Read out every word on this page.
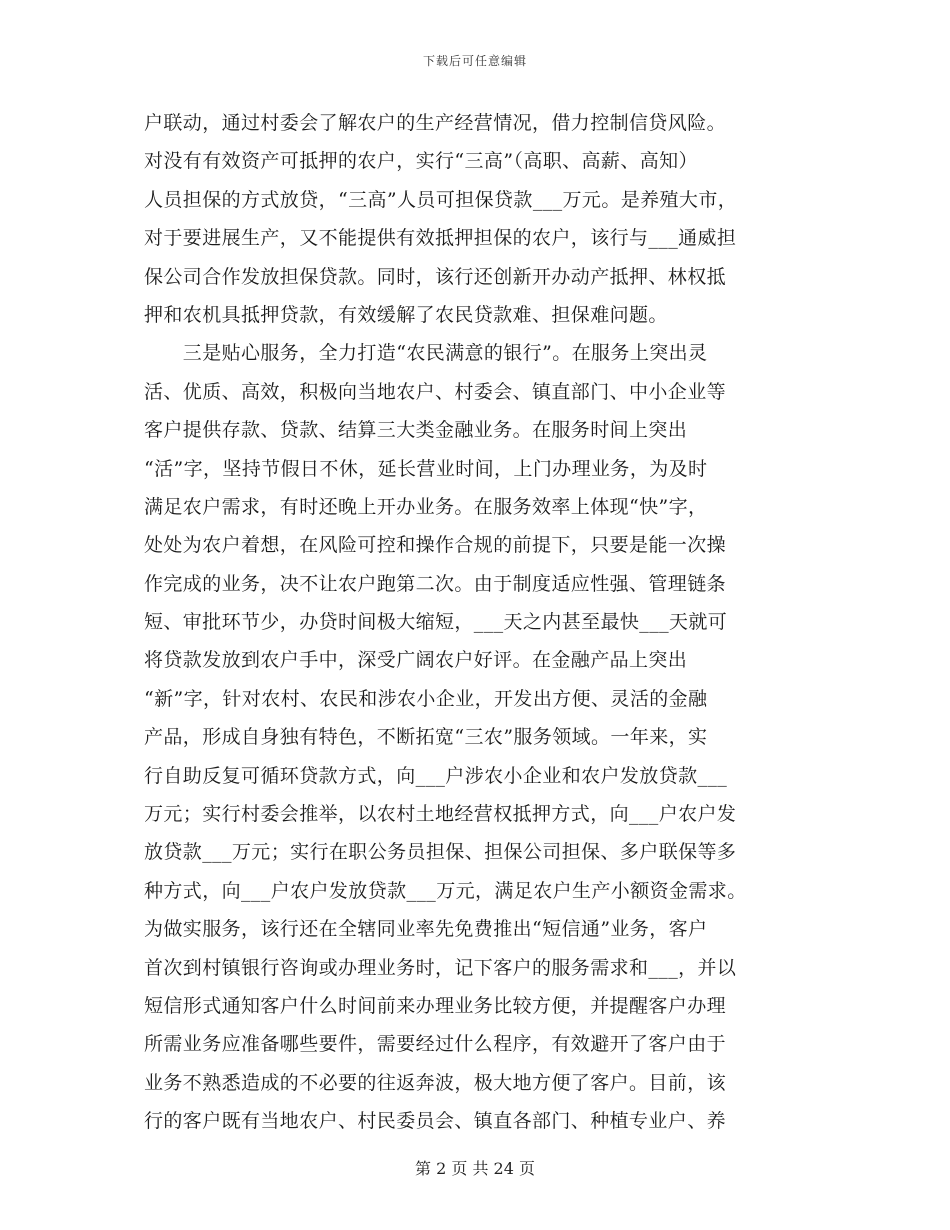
下载后可任意编辑
户联动，通过村委会了解农户的生产经营情况，借力控制信贷风险。
对没有有效资产可抵押的农户，实行“三高”（高职、高薪、高知）
人员担保的方式放贷，“三高”人员可担保贷款___万元。是养殖大市，
对于要进展生产，又不能提供有效抵押担保的农户，该行与___通威担
保公司合作发放担保贷款。同时，该行还创新开办动产抵押、林权抵
押和农机具抵押贷款，有效缓解了农民贷款难、担保难问题。
　　三是贴心服务，全力打造“农民满意的银行”。在服务上突出灵
活、优质、高效，积极向当地农户、村委会、镇直部门、中小企业等
客户提供存款、贷款、结算三大类金融业务。在服务时间上突出
“活”字，坚持节假日不休，延长营业时间，上门办理业务，为及时
满足农户需求，有时还晚上开办业务。在服务效率上体现“快”字，
处处为农户着想，在风险可控和操作合规的前提下，只要是能一次操
作完成的业务，决不让农户跑第二次。由于制度适应性强、管理链条
短、审批环节少，办贷时间极大缩短，___天之内甚至最快___天就可
将贷款发放到农户手中，深受广阔农户好评。在金融产品上突出
“新”字，针对农村、农民和涉农小企业，开发出方便、灵活的金融
产品，形成自身独有特色，不断拓宽“三农”服务领域。一年来，实
行自助反复可循环贷款方式，向___户涉农小企业和农户发放贷款___
万元；实行村委会推举，以农村土地经营权抵押方式，向___户农户发
放贷款___万元；实行在职公务员担保、担保公司担保、多户联保等多
种方式，向___户农户发放贷款___万元，满足农户生产小额资金需求。
为做实服务，该行还在全辖同业率先免费推出“短信通”业务，客户
首次到村镇银行咨询或办理业务时，记下客户的服务需求和___，并以
短信形式通知客户什么时间前来办理业务比较方便，并提醒客户办理
所需业务应准备哪些要件，需要经过什么程序，有效避开了客户由于
业务不熟悉造成的不必要的往返奔波，极大地方便了客户。目前，该
行的客户既有当地农户、村民委员会、镇直各部门、种植专业户、养
第 2 页 共 24 页
